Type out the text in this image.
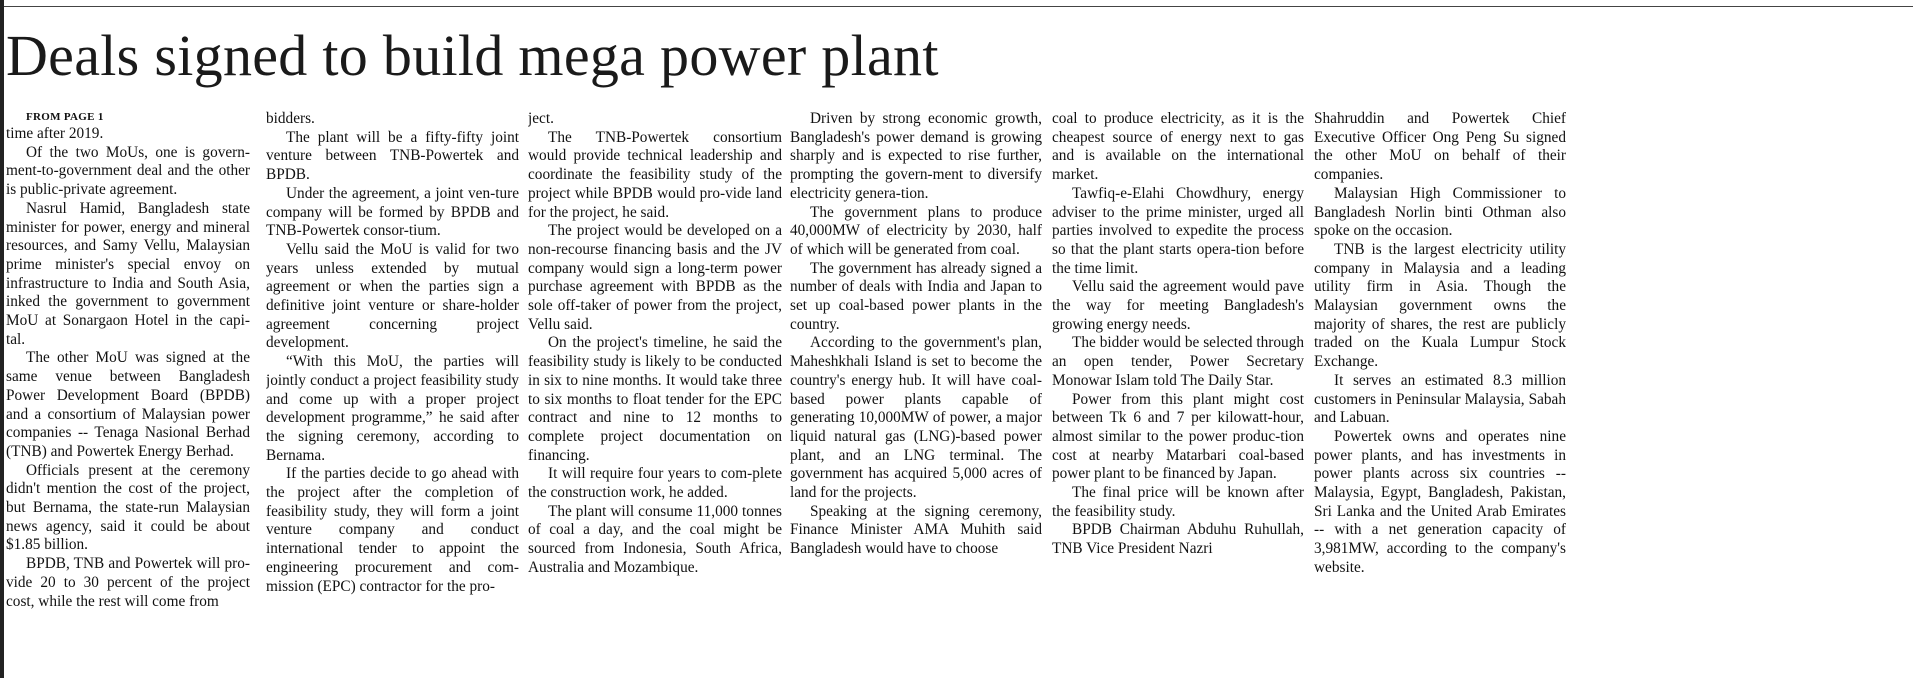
Deals signed to build mega power plant

FROM PAGE 1

time after 2019.

Of the two MoUs, one is govern-ment-to-government deal and the other is public-private agreement.

Nasrul Hamid, Bangladesh state minister for power, energy and mineral resources, and Samy Vellu, Malaysian prime minister's special envoy on infrastructure to India and South Asia, inked the government to government MoU at Sonargaon Hotel in the capi-tal.

The other MoU was signed at the same venue between Bangladesh Power Development Board (BPDB) and a consortium of Malaysian power companies -- Tenaga Nasional Berhad (TNB) and Powertek Energy Berhad.

Officials present at the ceremony didn't mention the cost of the project, but Bernama, the state-run Malaysian news agency, said it could be about $1.85 billion.

BPDB, TNB and Powertek will pro-vide 20 to 30 percent of the project cost, while the rest will come from

bidders.

The plant will be a fifty-fifty joint venture between TNB-Powertek and BPDB.

Under the agreement, a joint ven-ture company will be formed by BPDB and TNB-Powertek consor-tium.

Vellu said the MoU is valid for two years unless extended by mutual agreement or when the parties sign a definitive joint venture or share-holder agreement concerning project development.

“With this MoU, the parties will jointly conduct a project feasibility study and come up with a proper project development programme,” he said after the signing ceremony, according to Bernama.

If the parties decide to go ahead with the project after the completion of feasibility study, they will form a joint venture company and conduct international tender to appoint the engineering procurement and com-mission (EPC) contractor for the pro-

ject.

The TNB-Powertek consortium would provide technical leadership and coordinate the feasibility study of the project while BPDB would pro-vide land for the project, he said.

The project would be developed on a non-recourse financing basis and the JV company would sign a long-term power purchase agreement with BPDB as the sole off-taker of power from the project, Vellu said.

On the project's timeline, he said the feasibility study is likely to be conducted in six to nine months. It would take three to six months to float tender for the EPC contract and nine to 12 months to complete project documentation on financing.

It will require four years to com-plete the construction work, he added.

The plant will consume 11,000 tonnes of coal a day, and the coal might be sourced from Indonesia, South Africa, Australia and Mozambique.

Driven by strong economic growth, Bangladesh's power demand is growing sharply and is expected to rise further, prompting the govern-ment to diversify electricity genera-tion.

The government plans to produce 40,000MW of electricity by 2030, half of which will be generated from coal.

The government has already signed a number of deals with India and Japan to set up coal-based power plants in the country.

According to the government's plan, Maheshkhali Island is set to become the country's energy hub. It will have coal-based power plants capable of generating 10,000MW of power, a major liquid natural gas (LNG)-based power plant, and an LNG terminal. The government has acquired 5,000 acres of land for the projects.

Speaking at the signing ceremony, Finance Minister AMA Muhith said Bangladesh would have to choose

coal to produce electricity, as it is the cheapest source of energy next to gas and is available on the international market.

Tawfiq-e-Elahi Chowdhury, energy adviser to the prime minister, urged all parties involved to expedite the process so that the plant starts opera-tion before the time limit.

Vellu said the agreement would pave the way for meeting Bangladesh's growing energy needs.

The bidder would be selected through an open tender, Power Secretary Monowar Islam told The Daily Star.

Power from this plant might cost between Tk 6 and 7 per kilowatt-hour, almost similar to the power produc-tion cost at nearby Matarbari coal-based power plant to be financed by Japan.

The final price will be known after the feasibility study.

BPDB Chairman Abduhu Ruhullah, TNB Vice President Nazri

Shahruddin and Powertek Chief Executive Officer Ong Peng Su signed the other MoU on behalf of their companies.

Malaysian High Commissioner to Bangladesh Norlin binti Othman also spoke on the occasion.

TNB is the largest electricity utility company in Malaysia and a leading utility firm in Asia. Though the Malaysian government owns the majority of shares, the rest are publicly traded on the Kuala Lumpur Stock Exchange.

It serves an estimated 8.3 million customers in Peninsular Malaysia, Sabah and Labuan.

Powertek owns and operates nine power plants, and has investments in power plants across six countries -- Malaysia, Egypt, Bangladesh, Pakistan, Sri Lanka and the United Arab Emirates -- with a net generation capacity of 3,981MW, according to the company's website.
